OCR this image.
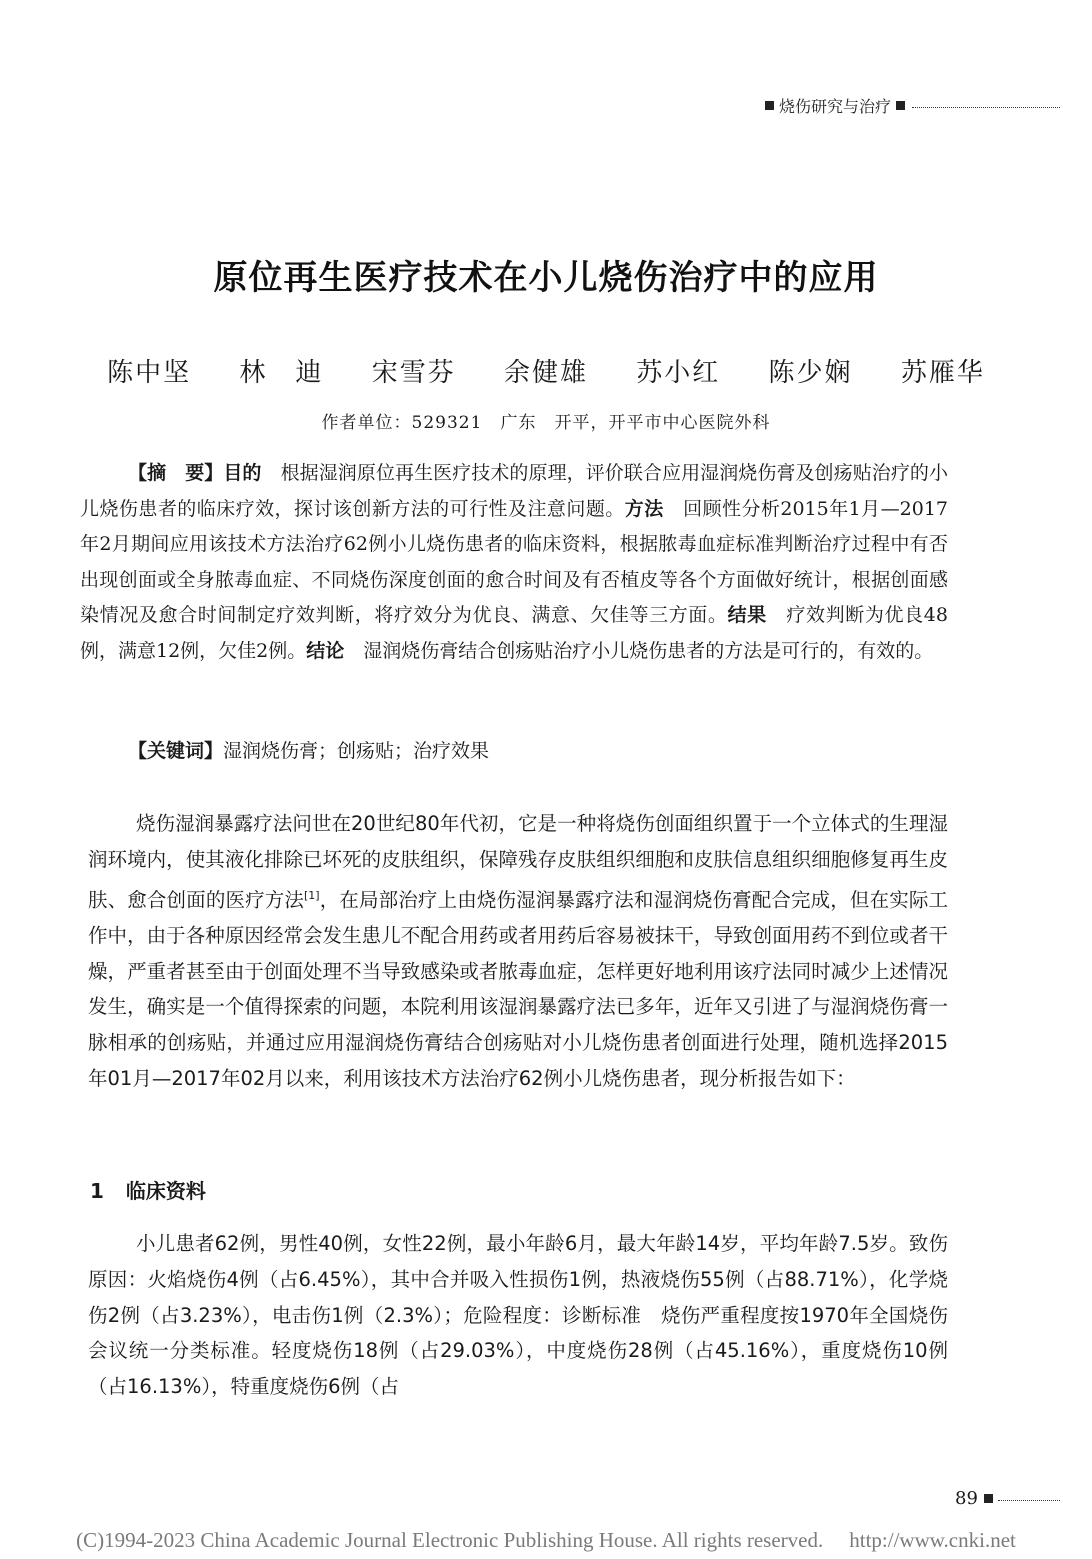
烧伤研究与治疗
原位再生医疗技术在小儿烧伤治疗中的应用
陈中坚 林　迪 宋雪芬 余健雄 苏小红 陈少娴 苏雁华
作者单位：529321　广东　开平，开平市中心医院外科
【摘　要】目的　根据湿润原位再生医疗技术的原理，评价联合应用湿润烧伤膏及创疡贴治疗的小儿烧伤患者的临床疗效，探讨该创新方法的可行性及注意问题。方法　回顾性分析2015年1月—2017年2月期间应用该技术方法治疗62例小儿烧伤患者的临床资料，根据脓毒血症标准判断治疗过程中有否出现创面或全身脓毒血症、不同烧伤深度创面的愈合时间及有否植皮等各个方面做好统计，根据创面感染情况及愈合时间制定疗效判断，将疗效分为优良、满意、欠佳等三方面。结果　疗效判断为优良48例，满意12例，欠佳2例。结论　湿润烧伤膏结合创疡贴治疗小儿烧伤患者的方法是可行的，有效的。
【关键词】湿润烧伤膏；创疡贴；治疗效果
烧伤湿润暴露疗法问世在20世纪80年代初，它是一种将烧伤创面组织置于一个立体式的生理湿润环境内，使其液化排除已坏死的皮肤组织，保障残存皮肤组织细胞和皮肤信息组织细胞修复再生皮肤、愈合创面的医疗方法[1]，在局部治疗上由烧伤湿润暴露疗法和湿润烧伤膏配合完成，但在实际工作中，由于各种原因经常会发生患儿不配合用药或者用药后容易被抹干，导致创面用药不到位或者干燥，严重者甚至由于创面处理不当导致感染或者脓毒血症，怎样更好地利用该疗法同时减少上述情况发生，确实是一个值得探索的问题，本院利用该湿润暴露疗法已多年，近年又引进了与湿润烧伤膏一脉相承的创疡贴，并通过应用湿润烧伤膏结合创疡贴对小儿烧伤患者创面进行处理，随机选择2015年01月—2017年02月以来，利用该技术方法治疗62例小儿烧伤患者，现分析报告如下：
1 临床资料
小儿患者62例，男性40例，女性22例，最小年龄6月，最大年龄14岁，平均年龄7.5岁。致伤原因：火焰烧伤4例（占6.45%），其中合并吸入性损伤1例，热液烧伤55例（占88.71%），化学烧伤2例（占3.23%），电击伤1例（2.3%）；危险程度：诊断标准　烧伤严重程度按1970年全国烧伤会议统一分类标准。轻度烧伤18例（占29.03%），中度烧伤28例（占45.16%），重度烧伤10例（占16.13%），特重度烧伤6例（占
89
(C)1994-2023 China Academic Journal Electronic Publishing House. All rights reserved. http://www.cnki.net
